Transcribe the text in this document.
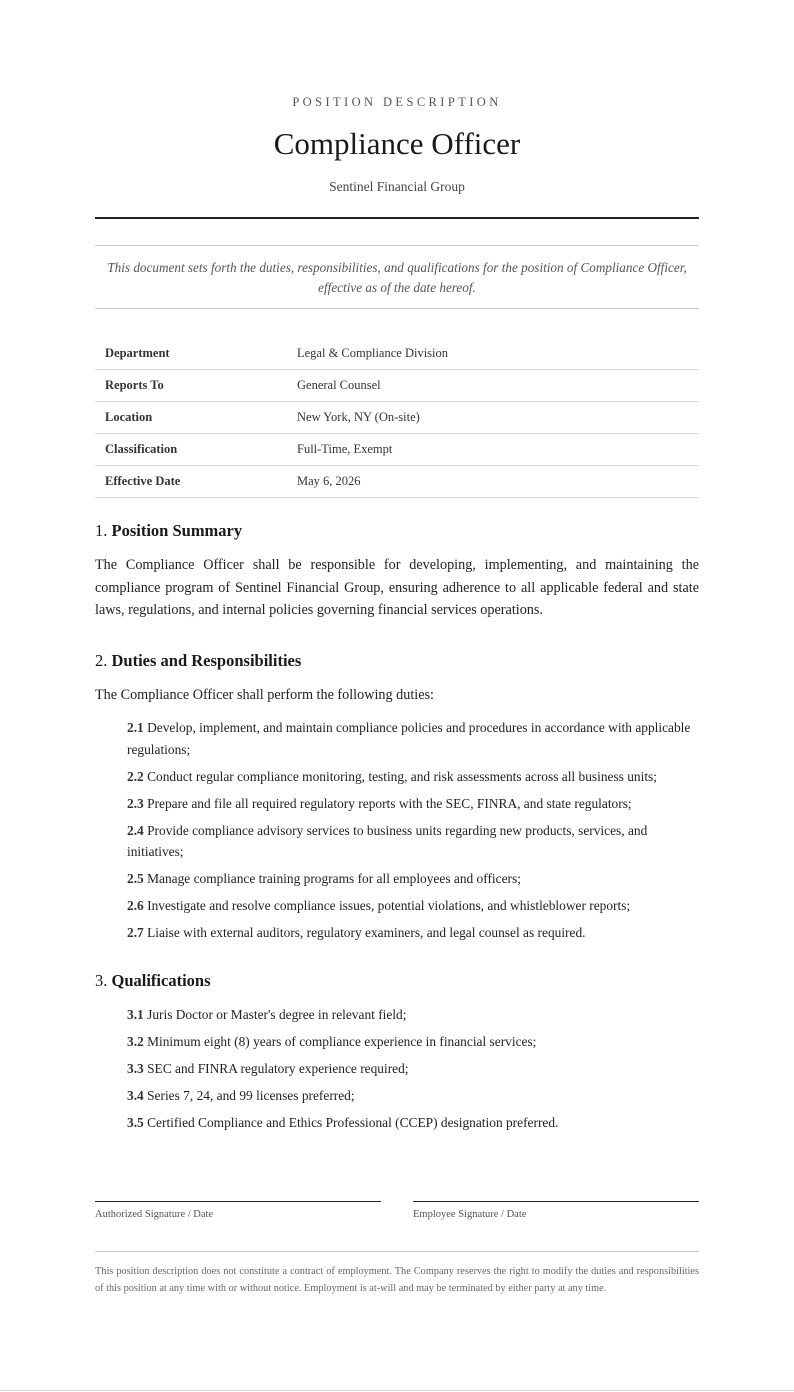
POSITION DESCRIPTION
Compliance Officer
Sentinel Financial Group

This document sets forth the duties, responsibilities, and qualifications for the position of Compliance Officer, effective as of the date hereof.

Department	Legal & Compliance Division
Reports To	General Counsel
Location	New York, NY (On-site)
Classification	Full-Time, Exempt
Effective Date	May 6, 2026
1. Position Summary

The Compliance Officer shall be responsible for developing, implementing, and maintaining the compliance program of Sentinel Financial Group, ensuring adherence to all applicable federal and state laws, regulations, and internal policies governing financial services operations.

2. Duties and Responsibilities

The Compliance Officer shall perform the following duties:

2.1 Develop, implement, and maintain compliance policies and procedures in accordance with applicable regulations;
2.2 Conduct regular compliance monitoring, testing, and risk assessments across all business units;
2.3 Prepare and file all required regulatory reports with the SEC, FINRA, and state regulators;
2.4 Provide compliance advisory services to business units regarding new products, services, and initiatives;
2.5 Manage compliance training programs for all employees and officers;
2.6 Investigate and resolve compliance issues, potential violations, and whistleblower reports;
2.7 Liaise with external auditors, regulatory examiners, and legal counsel as required.
3. Qualifications
3.1 Juris Doctor or Master's degree in relevant field;
3.2 Minimum eight (8) years of compliance experience in financial services;
3.3 SEC and FINRA regulatory experience required;
3.4 Series 7, 24, and 99 licenses preferred;
3.5 Certified Compliance and Ethics Professional (CCEP) designation preferred.
Authorized Signature / Date	Employee Signature / Date

This position description does not constitute a contract of employment. The Company reserves the right to modify the duties and responsibilities of this position at any time with or without notice. Employment is at-will and may be terminated by either party at any time.
